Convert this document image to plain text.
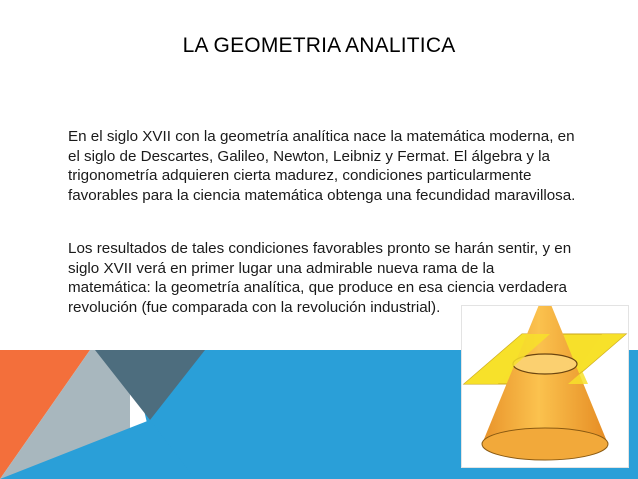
LA GEOMETRIA ANALITICA

En el siglo XVII con la geometría analítica nace la matemática moderna, en el siglo de Descartes, Galileo, Newton, Leibniz y Fermat. El álgebra y la trigonometría adquieren cierta madurez, condiciones particularmente favorables para la ciencia matemática obtenga una fecundidad maravillosa.

Los resultados de tales condiciones favorables pronto se harán sentir, y en siglo XVII verá en primer lugar una admirable nueva rama de la matemática: la geometría analítica, que produce en esa ciencia verdadera revolución (fue comparada con la revolución industrial).
